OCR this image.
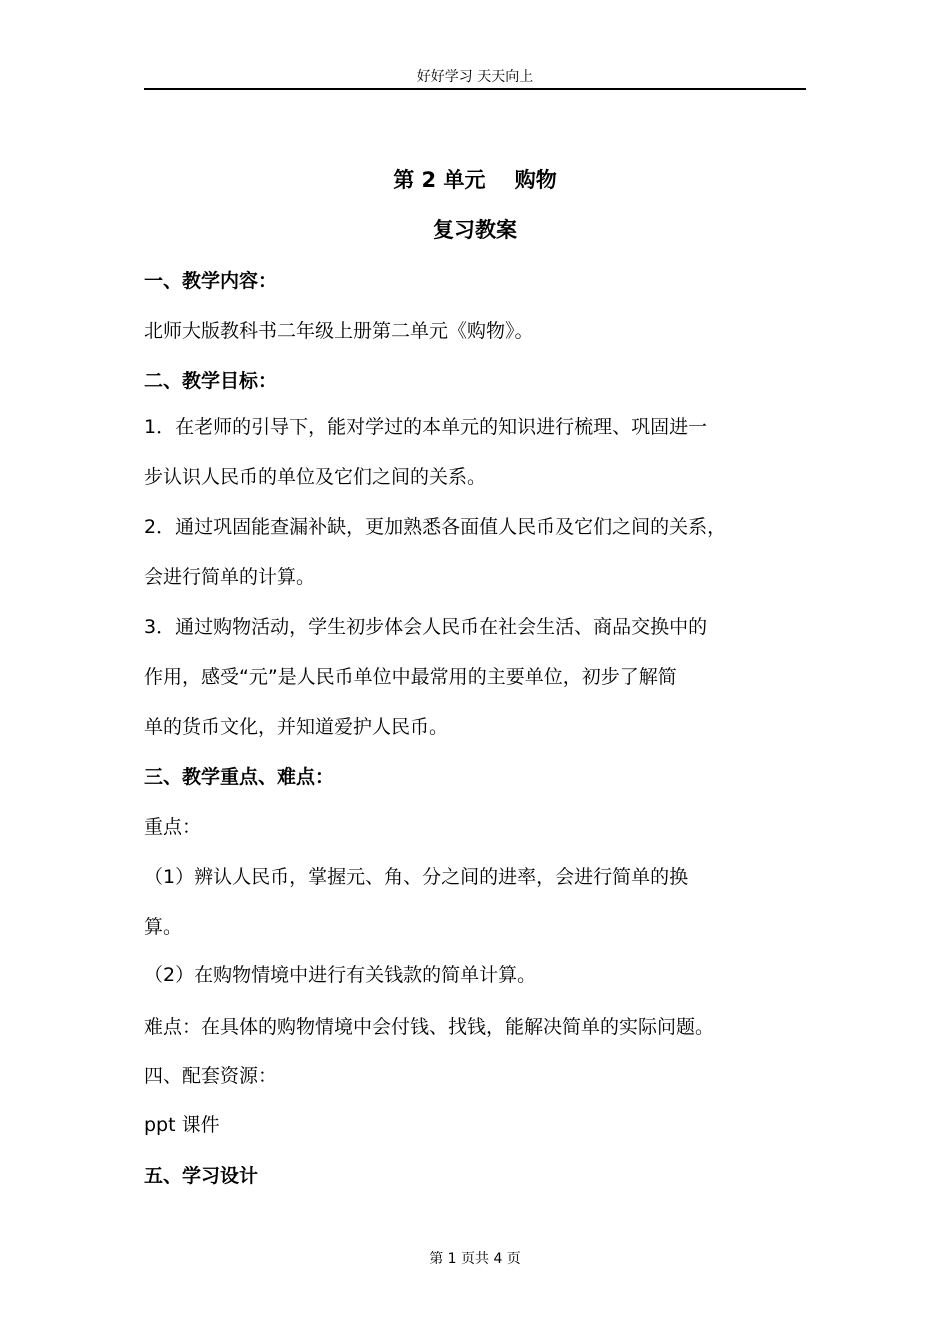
好好学习 天天向上
第 2 单元    购物
复习教案
一、教学内容：
北师大版教科书二年级上册第二单元《购物》。
二、教学目标：
1．在老师的引导下，能对学过的本单元的知识进行梳理、巩固进一
步认识人民币的单位及它们之间的关系。
2．通过巩固能查漏补缺，更加熟悉各面值人民币及它们之间的关系，
会进行简单的计算。
3．通过购物活动，学生初步体会人民币在社会生活、商品交换中的
作用，感受“元”是人民币单位中最常用的主要单位，初步了解简
单的货币文化，并知道爱护人民币。
三、教学重点、难点：
重点：
（1）辨认人民币，掌握元、角、分之间的进率，会进行简单的换
算。
（2）在购物情境中进行有关钱款的简单计算。
难点：在具体的购物情境中会付钱、找钱，能解决简单的实际问题。
四、配套资源：
ppt 课件
五、学习设计
第 1 页共 4 页
